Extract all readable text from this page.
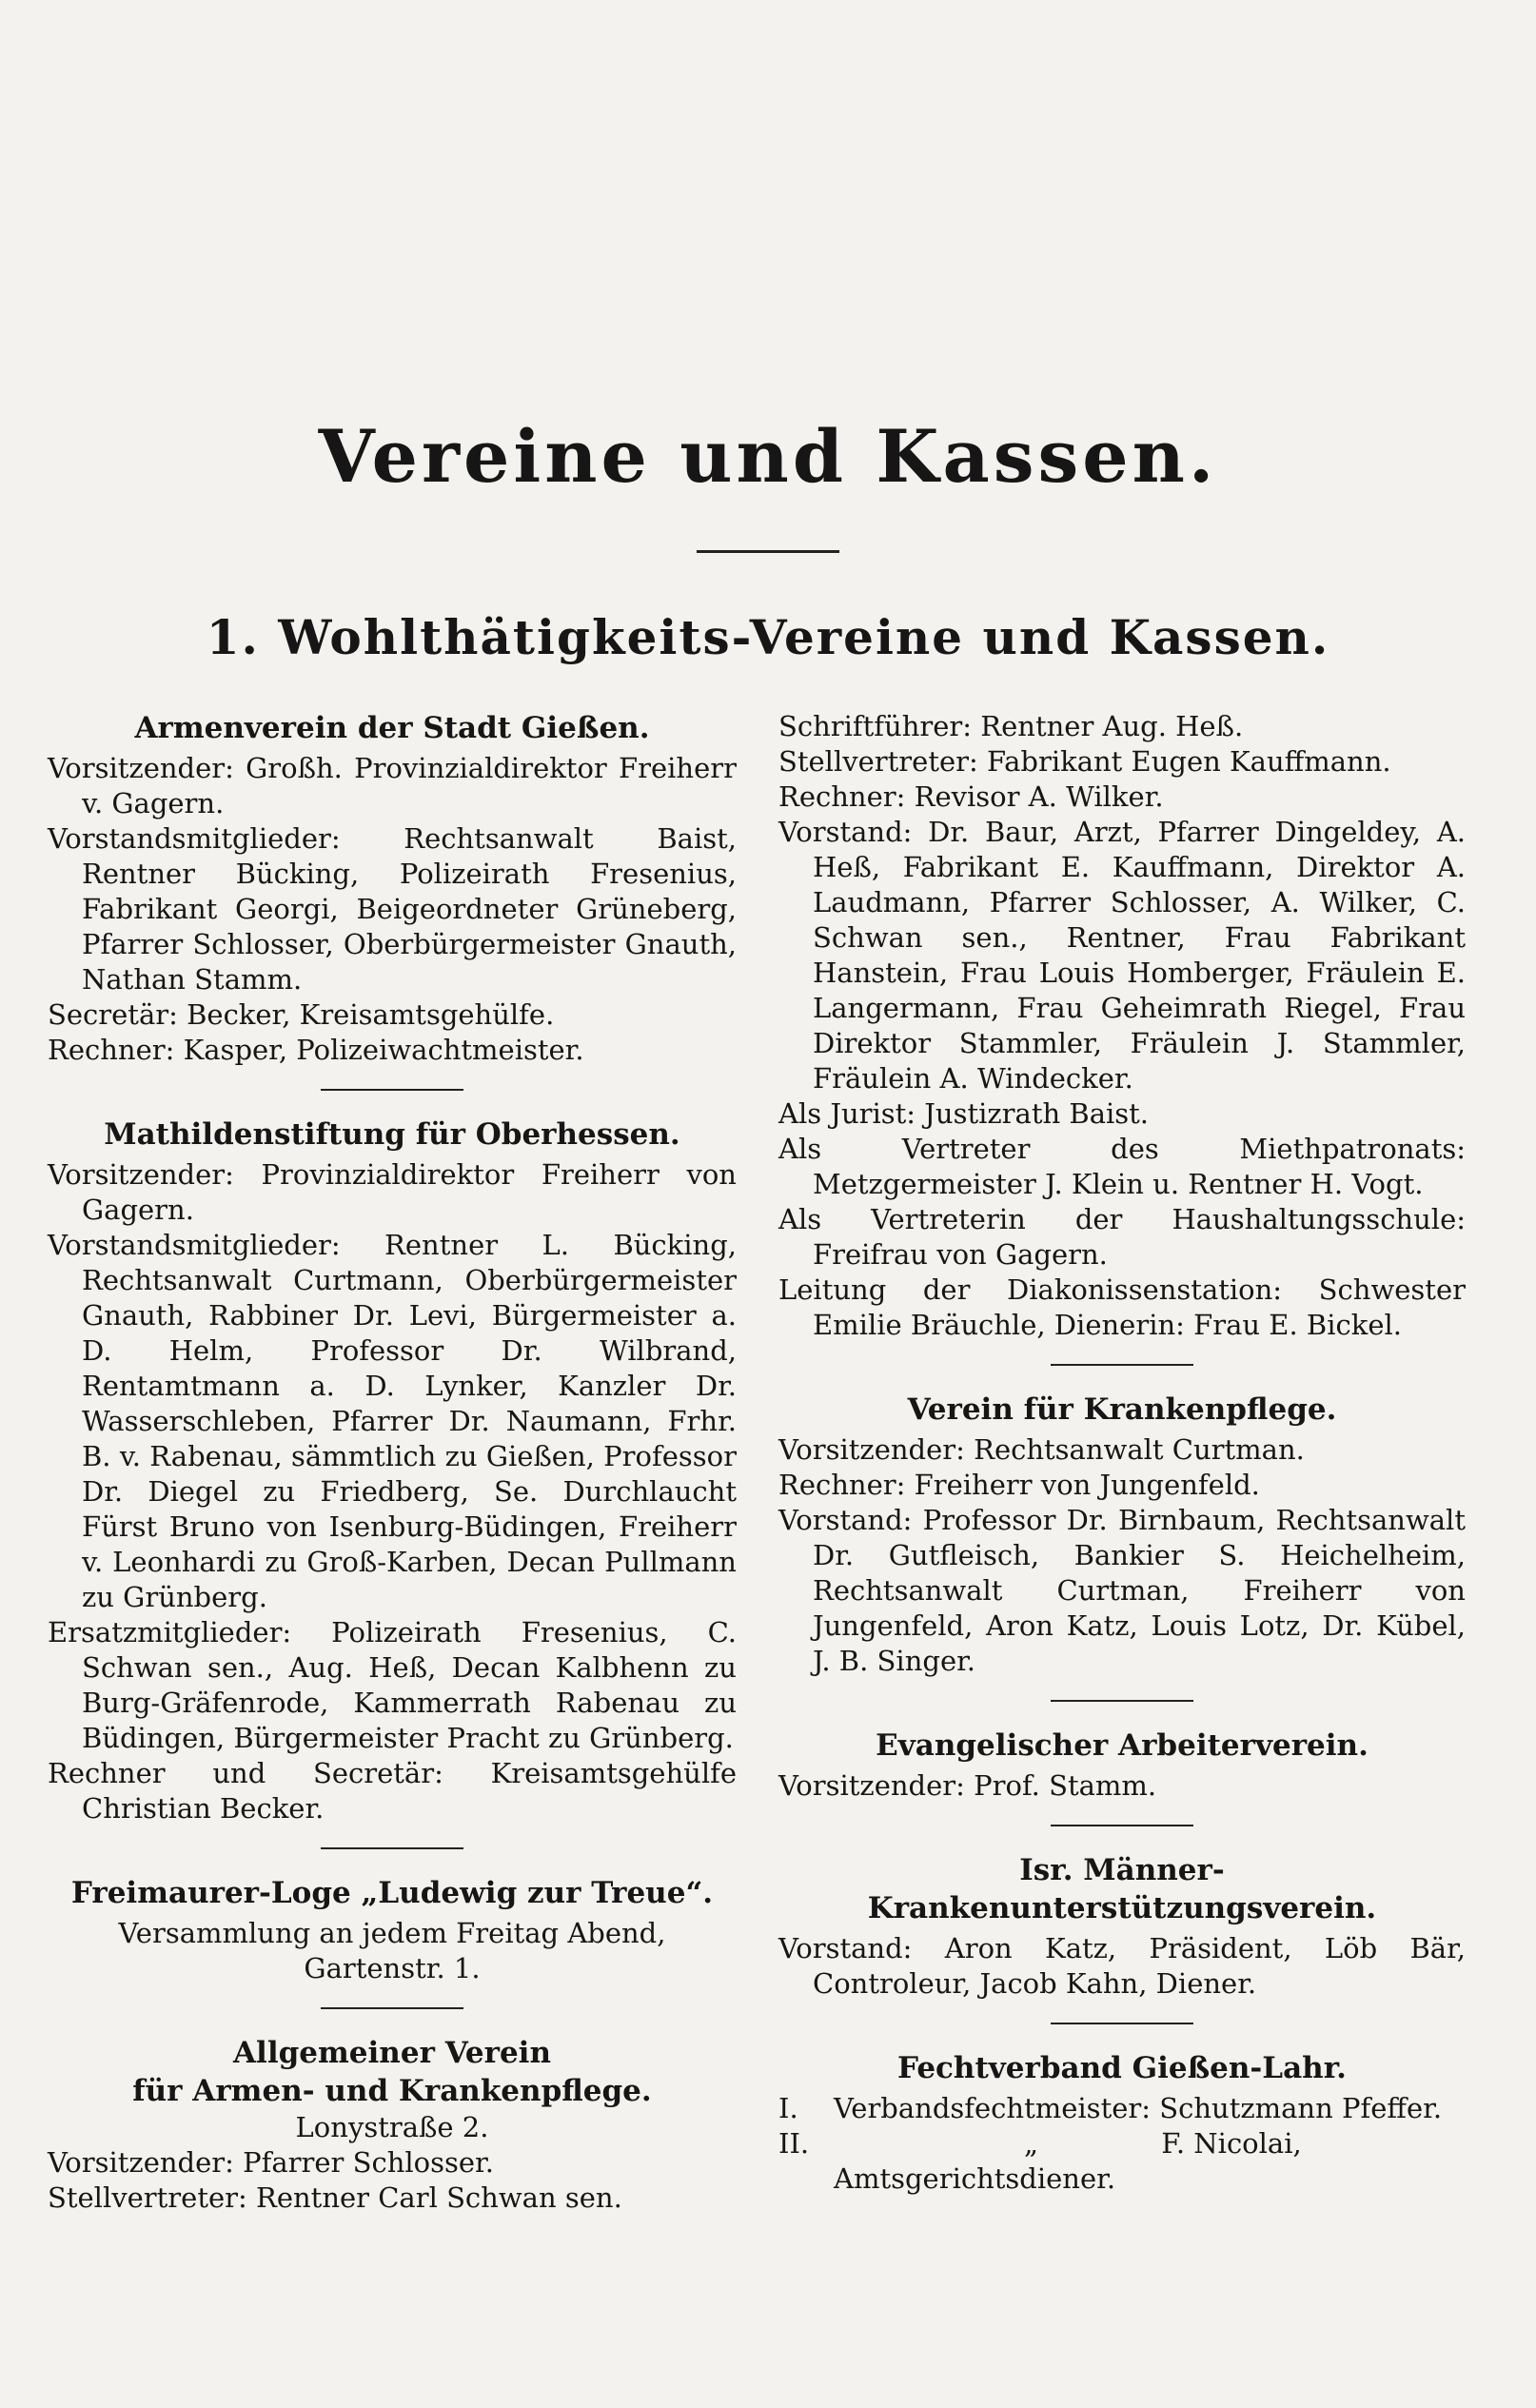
Vereine und Kassen.
1. Wohlthätigkeits-Vereine und Kassen.

Armenverein der Stadt Gießen.

Vorsitzender: Großh. Provinzialdirektor Freiherr v. Gagern.

Vorstandsmitglieder: Rechtsanwalt Baist, Rentner Bücking, Polizeirath Fresenius, Fabrikant Georgi, Beigeordneter Grüneberg, Pfarrer Schlosser, Oberbürgermeister Gnauth, Nathan Stamm.

Secretär: Becker, Kreisamtsgehülfe.

Rechner: Kasper, Polizeiwachtmeister.

Mathildenstiftung für Oberhessen.

Vorsitzender: Provinzialdirektor Freiherr von Gagern.

Vorstandsmitglieder: Rentner L. Bücking, Rechtsanwalt Curtmann, Oberbürgermeister Gnauth, Rabbiner Dr. Levi, Bürgermeister a. D. Helm, Professor Dr. Wilbrand, Rentamtmann a. D. Lynker, Kanzler Dr. Wasserschleben, Pfarrer Dr. Naumann, Frhr. B. v. Rabenau, sämmtlich zu Gießen, Professor Dr. Diegel zu Friedberg, Se. Durchlaucht Fürst Bruno von Isenburg-Büdingen, Freiherr v. Leonhardi zu Groß-Karben, Decan Pullmann zu Grünberg.

Ersatzmitglieder: Polizeirath Fresenius, C. Schwan sen., Aug. Heß, Decan Kalbhenn zu Burg-Gräfenrode, Kammerrath Rabenau zu Büdingen, Bürgermeister Pracht zu Grünberg.

Rechner und Secretär: Kreisamtsgehülfe Christian Becker.

Freimaurer-Loge „Ludewig zur Treue“.

Versammlung an jedem Freitag Abend,

Gartenstr. 1.

Allgemeiner Verein

für Armen- und Krankenpflege.

Lonystraße 2.

Vorsitzender: Pfarrer Schlosser.

Stellvertreter: Rentner Carl Schwan sen.

Schriftführer: Rentner Aug. Heß.

Stellvertreter: Fabrikant Eugen Kauffmann.

Rechner: Revisor A. Wilker.

Vorstand: Dr. Baur, Arzt, Pfarrer Dingeldey, A. Heß, Fabrikant E. Kauffmann, Direktor A. Laudmann, Pfarrer Schlosser, A. Wilker, C. Schwan sen., Rentner, Frau Fabrikant Hanstein, Frau Louis Homberger, Fräulein E. Langermann, Frau Geheimrath Riegel, Frau Direktor Stammler, Fräulein J. Stammler, Fräulein A. Windecker.

Als Jurist: Justizrath Baist.

Als Vertreter des Miethpatronats: Metzgermeister J. Klein u. Rentner H. Vogt.

Als Vertreterin der Haushaltungsschule: Freifrau von Gagern.

Leitung der Diakonissenstation: Schwester Emilie Bräuchle, Dienerin: Frau E. Bickel.

Verein für Krankenpflege.

Vorsitzender: Rechtsanwalt Curtman.

Rechner: Freiherr von Jungenfeld.

Vorstand: Professor Dr. Birnbaum, Rechtsanwalt Dr. Gutfleisch, Bankier S. Heichelheim, Rechtsanwalt Curtman, Freiherr von Jungenfeld, Aron Katz, Louis Lotz, Dr. Kübel, J. B. Singer.

Evangelischer Arbeiterverein.

Vorsitzender: Prof. Stamm.

Isr. Männer-Krankenunterstützungsverein.

Vorstand: Aron Katz, Präsident, Löb Bär, Controleur, Jacob Kahn, Diener.

Fechtverband Gießen-Lahr.

I.	Verbandsfechtmeister: Schutzmann Pfeffer.
II.	„	F. Nicolai, Amtsgerichtsdiener.
